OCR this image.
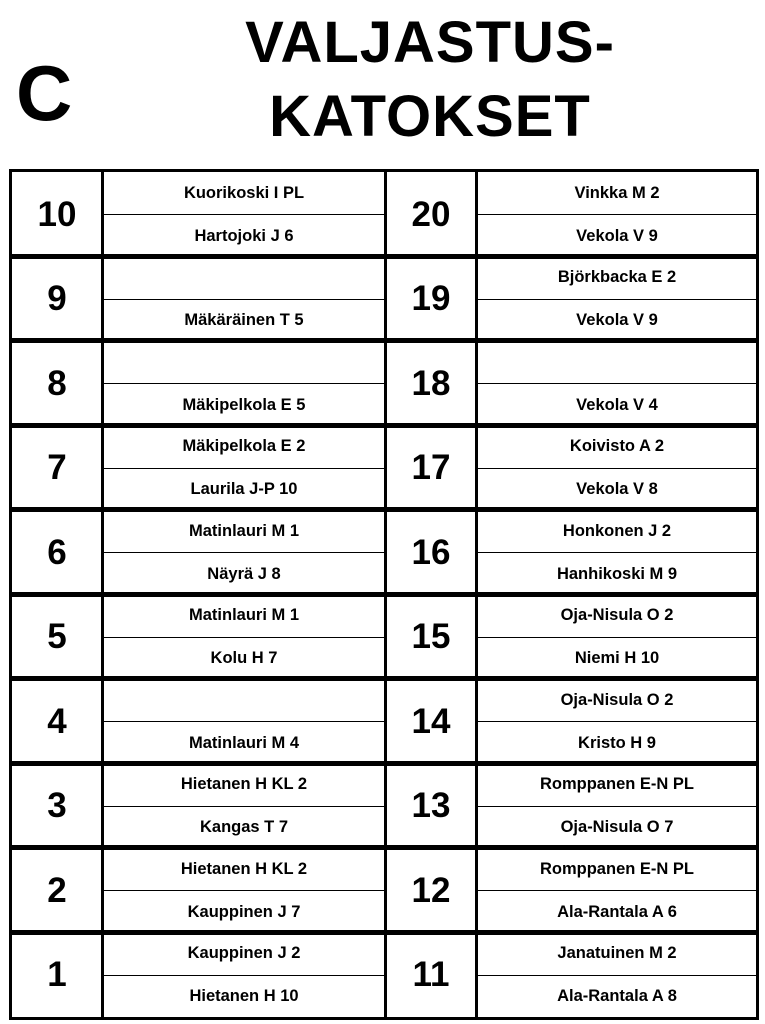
C
VALJASTUS-
KATOKSET
10
Kuorikoski I PL
Hartojoki J 6
20
Vinkka M 2
Vekola V 9
9
Mäkäräinen T 5
19
Björkbacka E 2
Vekola V 9
8
Mäkipelkola E 5
18
Vekola V 4
7
Mäkipelkola E 2
Laurila J-P 10
17
Koivisto A 2
Vekola V 8
6
Matinlauri M 1
Näyrä J 8
16
Honkonen J 2
Hanhikoski M 9
5
Matinlauri M 1
Kolu H 7
15
Oja-Nisula O 2
Niemi H 10
4
Matinlauri M 4
14
Oja-Nisula O 2
Kristo H 9
3
Hietanen H KL 2
Kangas T 7
13
Romppanen E-N PL
Oja-Nisula O 7
2
Hietanen H KL 2
Kauppinen J 7
12
Romppanen E-N PL
Ala-Rantala A 6
1
Kauppinen J 2
Hietanen H 10
11
Janatuinen M 2
Ala-Rantala A 8
